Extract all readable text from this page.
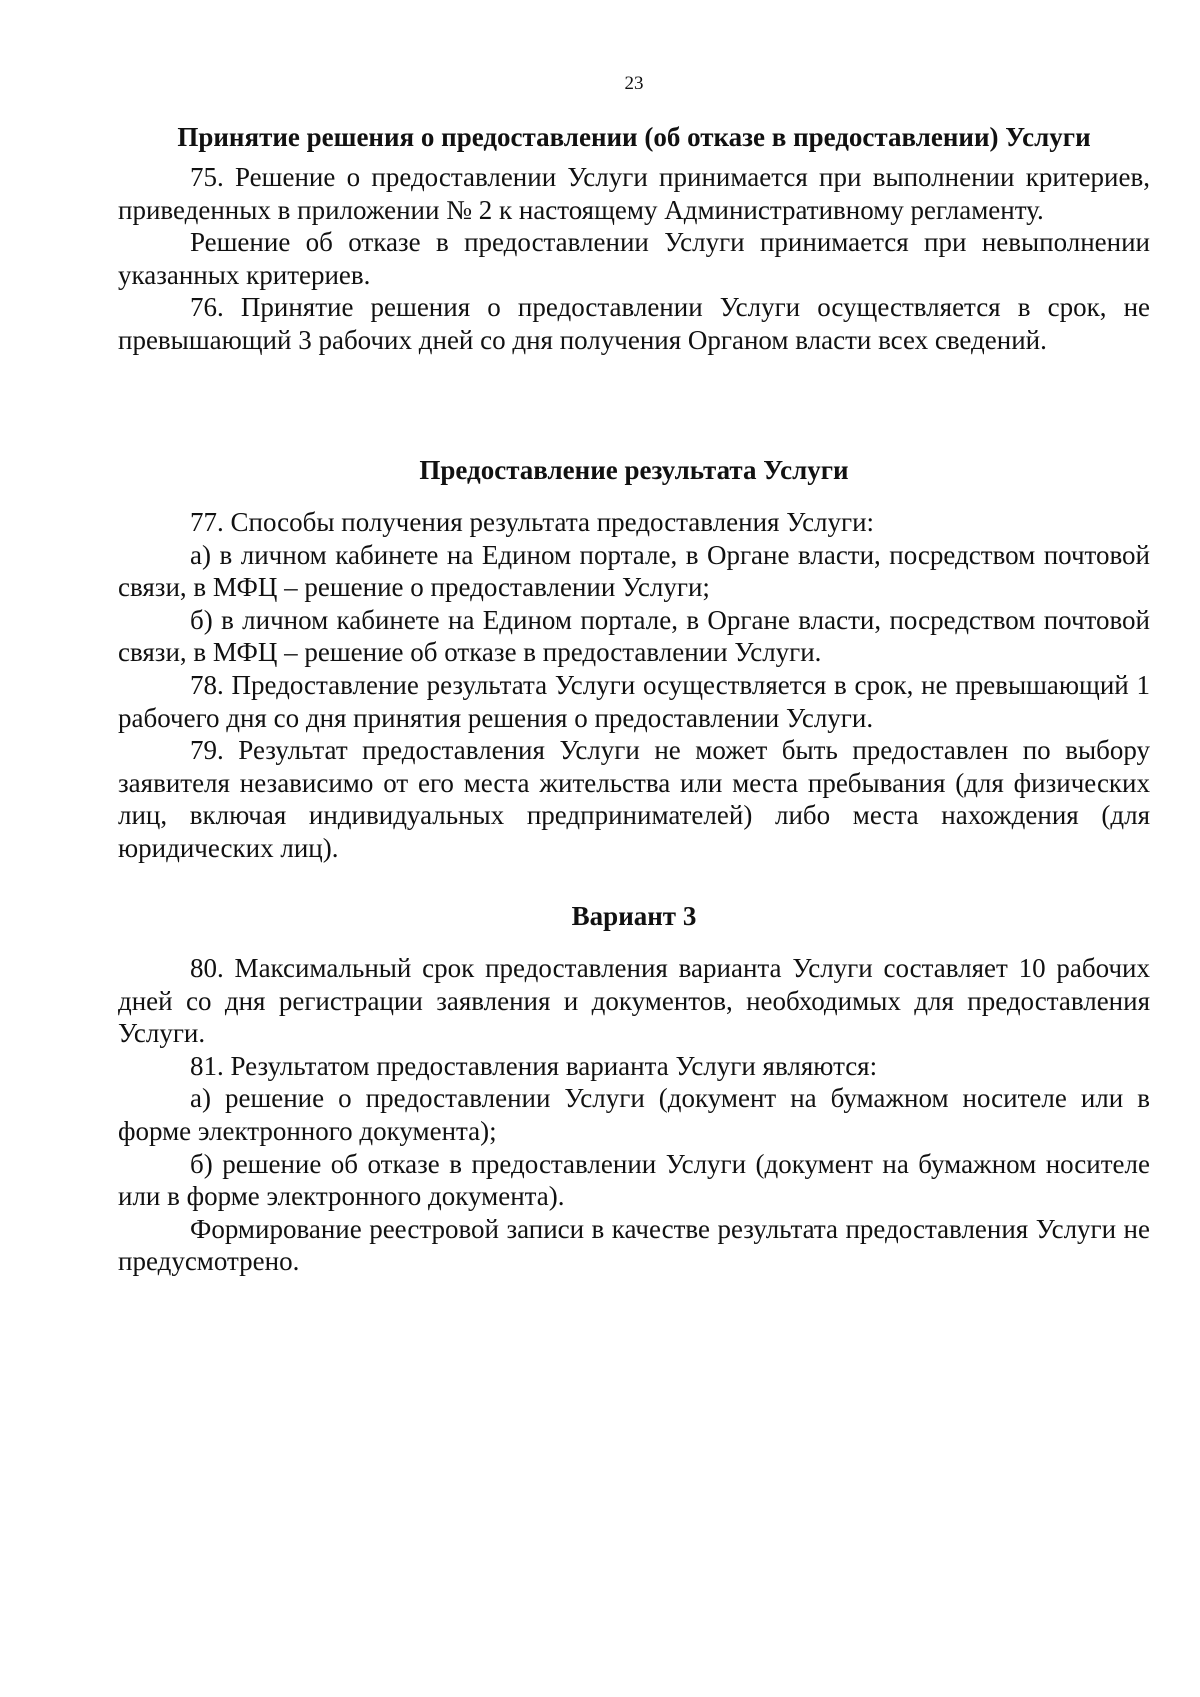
23
Принятие решения о предоставлении (об отказе в предоставлении) Услуги

75. Решение о предоставлении Услуги принимается при выполнении критериев, приведенных в приложении № 2 к настоящему Административному регламенту.

Решение об отказе в предоставлении Услуги принимается при невыполнении указанных критериев.

76. Принятие решения о предоставлении Услуги осуществляется в срок, не превышающий 3 рабочих дней со дня получения Органом власти всех сведений.

Предоставление результата Услуги

77. Способы получения результата предоставления Услуги:

а) в личном кабинете на Едином портале, в Органе власти, посредством почтовой связи, в МФЦ – решение о предоставлении Услуги;

б) в личном кабинете на Едином портале, в Органе власти, посредством почтовой связи, в МФЦ – решение об отказе в предоставлении Услуги.

78. Предоставление результата Услуги осуществляется в срок, не превышающий 1 рабочего дня со дня принятия решения о предоставлении Услуги.

79. Результат предоставления Услуги не может быть предоставлен по выбору заявителя независимо от его места жительства или места пребывания (для физических лиц, включая индивидуальных предпринимателей) либо места нахождения (для юридических лиц).

Вариант 3

80. Максимальный срок предоставления варианта Услуги составляет 10 рабочих дней со дня регистрации заявления и документов, необходимых для предоставления Услуги.

81. Результатом предоставления варианта Услуги являются:

а) решение о предоставлении Услуги (документ на бумажном носителе или в форме электронного документа);

б) решение об отказе в предоставлении Услуги (документ на бумажном носителе или в форме электронного документа).

Формирование реестровой записи в качестве результата предоставления Услуги не предусмотрено.
